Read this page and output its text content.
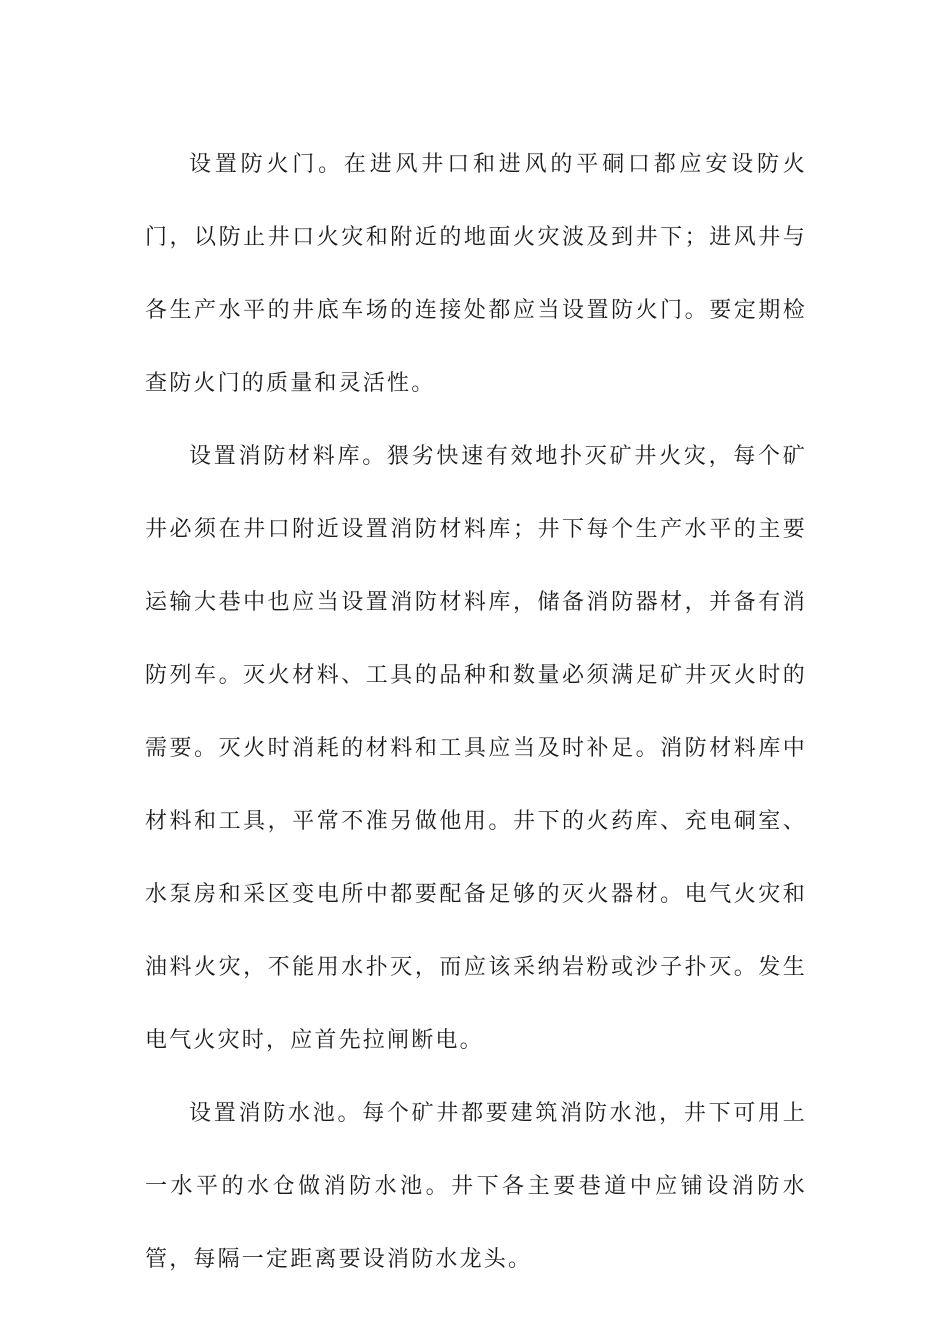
设置防火门。在进风井口和进风的平硐口都应安设防火门，以防止井口火灾和附近的地面火灾波及到井下；进风井与各生产水平的井底车场的连接处都应当设置防火门。要定期检查防火门的质量和灵活性。

设置消防材料库。猥劣快速有效地扑灭矿井火灾，每个矿井必须在井口附近设置消防材料库；井下每个生产水平的主要运输大巷中也应当设置消防材料库，储备消防器材，并备有消防列车。灭火材料、工具的品种和数量必须满足矿井灭火时的需要。灭火时消耗的材料和工具应当及时补足。消防材料库中材料和工具，平常不准另做他用。井下的火药库、充电硐室、水泵房和采区变电所中都要配备足够的灭火器材。电气火灾和油料火灾，不能用水扑灭，而应该采纳岩粉或沙子扑灭。发生电气火灾时，应首先拉闸断电。

设置消防水池。每个矿井都要建筑消防水池，井下可用上一水平的水仓做消防水池。井下各主要巷道中应铺设消防水管，每隔一定距离要设消防水龙头。
